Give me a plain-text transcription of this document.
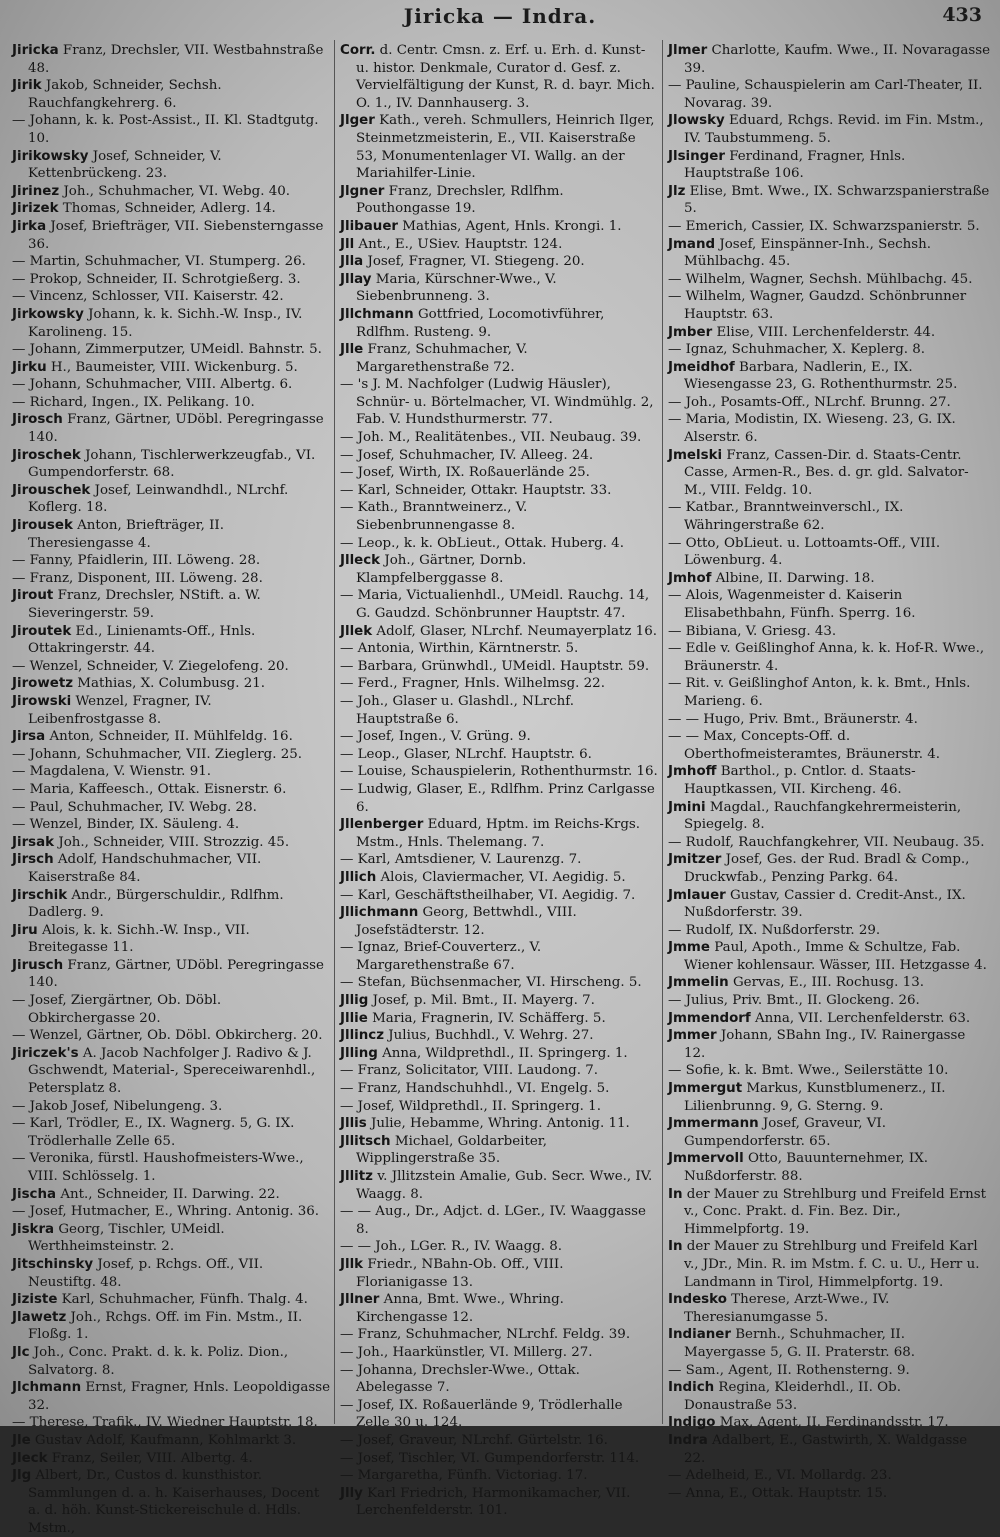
Jiricka — Indra.	433

Jiricka Franz, Drechsler, VII. Westbahnstraße 48.

Jirik Jakob, Schneider, Sechsh. Rauchfangkehrerg. 6.

— Johann, k. k. Post-Assist., II. Kl. Stadtgutg. 10.

Jirikowsky Josef, Schneider, V. Kettenbrückeng. 23.

Jirinez Joh., Schuhmacher, VI. Webg. 40.

Jirizek Thomas, Schneider, Adlerg. 14.

Jirka Josef, Briefträger, VII. Siebensterngasse 36.

— Martin, Schuhmacher, VI. Stumperg. 26.

— Prokop, Schneider, II. Schrotgießerg. 3.

— Vincenz, Schlosser, VII. Kaiserstr. 42.

Jirkowsky Johann, k. k. Sichh.-W. Insp., IV. Karolineng. 15.

— Johann, Zimmerputzer, UMeidl. Bahnstr. 5.

Jirku H., Baumeister, VIII. Wickenburg. 5.

— Johann, Schuhmacher, VIII. Albertg. 6.

— Richard, Ingen., IX. Pelikang. 10.

Jirosch Franz, Gärtner, UDöbl. Peregringasse 140.

Jiroschek Johann, Tischlerwerkzeugfab., VI. Gumpendorferstr. 68.

Jirouschek Josef, Leinwandhdl., NLrchf. Koflerg. 18.

Jirousek Anton, Briefträger, II. Theresiengasse 4.

— Fanny, Pfaidlerin, III. Löweng. 28.

— Franz, Disponent, III. Löweng. 28.

Jirout Franz, Drechsler, NStift. a. W. Sieveringerstr. 59.

Jiroutek Ed., Linienamts-Off., Hnls. Ottakringerstr. 44.

— Wenzel, Schneider, V. Ziegelofeng. 20.

Jirowetz Mathias, X. Columbusg. 21.

Jirowski Wenzel, Fragner, IV. Leibenfrostgasse 8.

Jirsa Anton, Schneider, II. Mühlfeldg. 16.

— Johann, Schuhmacher, VII. Zieglerg. 25.

— Magdalena, V. Wienstr. 91.

— Maria, Kaffeesch., Ottak. Eisnerstr. 6.

— Paul, Schuhmacher, IV. Webg. 28.

— Wenzel, Binder, IX. Säuleng. 4.

Jirsak Joh., Schneider, VIII. Strozzig. 45.

Jirsch Adolf, Handschuhmacher, VII. Kaiserstraße 84.

Jirschik Andr., Bürgerschuldir., Rdlfhm. Dadlerg. 9.

Jiru Alois, k. k. Sichh.-W. Insp., VII. Breitegasse 11.

Jirusch Franz, Gärtner, UDöbl. Peregringasse 140.

— Josef, Ziergärtner, Ob. Döbl. Obkirchergasse 20.

— Wenzel, Gärtner, Ob. Döbl. Obkircherg. 20.

Jiriczek's A. Jacob Nachfolger J. Radivo & J. Gschwendt, Material-, Spereceiwarenhdl., Petersplatz 8.

— Jakob Josef, Nibelungeng. 3.

— Karl, Trödler, E., IX. Wagnerg. 5, G. IX. Trödlerhalle Zelle 65.

— Veronika, fürstl. Haushofmeisters-Wwe., VIII. Schlösselg. 1.

Jischa Ant., Schneider, II. Darwing. 22.

— Josef, Hutmacher, E., Whring. Antonig. 36.

Jiskra Georg, Tischler, UMeidl. Werthheimsteinstr. 2.

Jitschinsky Josef, p. Rchgs. Off., VII. Neustiftg. 48.

Jiziste Karl, Schuhmacher, Fünfh. Thalg. 4.

Jlawetz Joh., Rchgs. Off. im Fin. Mstm., II. Floßg. 1.

Jlc Joh., Conc. Prakt. d. k. k. Poliz. Dion., Salvatorg. 8.

Jlchmann Ernst, Fragner, Hnls. Leopoldigasse 32.

— Therese, Trafik., IV. Wiedner Hauptstr. 18.

Jle Gustav Adolf, Kaufmann, Kohlmarkt 3.

Jleck Franz, Seiler, VIII. Albertg. 4.

Jlg Albert, Dr., Custos d. kunsthistor. Sammlungen d. a. h. Kaiserhauses, Docent a. d. höh. Kunst-Stickereischule d. Hdls. Mstm.,

Corr. d. Centr. Cmsn. z. Erf. u. Erh. d. Kunst- u. histor. Denkmale, Curator d. Gesf. z. Vervielfältigung der Kunst, R. d. bayr. Mich. O. 1., IV. Dannhauserg. 3.

Jlger Kath., vereh. Schmullers, Heinrich Ilger, Steinmetzmeisterin, E., VII. Kaiserstraße 53, Monumentenlager VI. Wallg. an der Mariahilfer-Linie.

Jlgner Franz, Drechsler, Rdlfhm. Pouthongasse 19.

Jlibauer Mathias, Agent, Hnls. Krongi. 1.

Jll Ant., E., USiev. Hauptstr. 124.

Jlla Josef, Fragner, VI. Stiegeng. 20.

Jllay Maria, Kürschner-Wwe., V. Siebenbrunneng. 3.

Jllchmann Gottfried, Locomotivführer, Rdlfhm. Rusteng. 9.

Jlle Franz, Schuhmacher, V. Margarethenstraße 72.

— 's J. M. Nachfolger (Ludwig Häusler), Schnür- u. Börtelmacher, VI. Windmühlg. 2, Fab. V. Hundsthurmerstr. 77.

— Joh. M., Realitätenbes., VII. Neubaug. 39.

— Josef, Schuhmacher, IV. Alleeg. 24.

— Josef, Wirth, IX. Roßauerlände 25.

— Karl, Schneider, Ottakr. Hauptstr. 33.

— Kath., Branntweinerz., V. Siebenbrunnengasse 8.

— Leop., k. k. ObLieut., Ottak. Huberg. 4.

Jlleck Joh., Gärtner, Dornb. Klampfelberggasse 8.

— Maria, Victualienhdl., UMeidl. Rauchg. 14, G. Gaudzd. Schönbrunner Hauptstr. 47.

Jllek Adolf, Glaser, NLrchf. Neumayerplatz 16.

— Antonia, Wirthin, Kärntnerstr. 5.

— Barbara, Grünwhdl., UMeidl. Hauptstr. 59.

— Ferd., Fragner, Hnls. Wilhelmsg. 22.

— Joh., Glaser u. Glashdl., NLrchf. Hauptstraße 6.

— Josef, Ingen., V. Grüng. 9.

— Leop., Glaser, NLrchf. Hauptstr. 6.

— Louise, Schauspielerin, Rothenthurmstr. 16.

— Ludwig, Glaser, E., Rdlfhm. Prinz Carlgasse 6.

Jllenberger Eduard, Hptm. im Reichs-Krgs. Mstm., Hnls. Thelemang. 7.

— Karl, Amtsdiener, V. Laurenzg. 7.

Jllich Alois, Claviermacher, VI. Aegidig. 5.

— Karl, Geschäftstheilhaber, VI. Aegidig. 7.

Jllichmann Georg, Bettwhdl., VIII. Josefstädterstr. 12.

— Ignaz, Brief-Couverterz., V. Margarethenstraße 67.

— Stefan, Büchsenmacher, VI. Hirscheng. 5.

Jllig Josef, p. Mil. Bmt., II. Mayerg. 7.

Jllie Maria, Fragnerin, IV. Schäfferg. 5.

Jllincz Julius, Buchhdl., V. Wehrg. 27.

Jlling Anna, Wildprethdl., II. Springerg. 1.

— Franz, Solicitator, VIII. Laudong. 7.

— Franz, Handschuhhdl., VI. Engelg. 5.

— Josef, Wildprethdl., II. Springerg. 1.

Jllis Julie, Hebamme, Whring. Antonig. 11.

Jllitsch Michael, Goldarbeiter, Wipplingerstraße 35.

Jllitz v. Jllitzstein Amalie, Gub. Secr. Wwe., IV. Waagg. 8.

— — Aug., Dr., Adjct. d. LGer., IV. Waaggasse 8.

— — Joh., LGer. R., IV. Waagg. 8.

Jllk Friedr., NBahn-Ob. Off., VIII. Florianigasse 13.

Jllner Anna, Bmt. Wwe., Whring. Kirchengasse 12.

— Franz, Schuhmacher, NLrchf. Feldg. 39.

— Joh., Haarkünstler, VI. Millerg. 27.

— Johanna, Drechsler-Wwe., Ottak. Abelegasse 7.

— Josef, IX. Roßauerlände 9, Trödlerhalle Zelle 30 u. 124.

— Josef, Graveur, NLrchf. Gürtelstr. 16.

— Josef, Tischler, VI. Gumpendorferstr. 114.

— Margaretha, Fünfh. Victoriag. 17.

Jlly Karl Friedrich, Harmonikamacher, VII. Lerchenfelderstr. 101.

Jlmer Charlotte, Kaufm. Wwe., II. Novaragasse 39.

— Pauline, Schauspielerin am Carl-Theater, II. Novarag. 39.

Jlowsky Eduard, Rchgs. Revid. im Fin. Mstm., IV. Taubstummeng. 5.

Jlsinger Ferdinand, Fragner, Hnls. Hauptstraße 106.

Jlz Elise, Bmt. Wwe., IX. Schwarzspanierstraße 5.

— Emerich, Cassier, IX. Schwarzspanierstr. 5.

Jmand Josef, Einspänner-Inh., Sechsh. Mühlbachg. 45.

— Wilhelm, Wagner, Sechsh. Mühlbachg. 45.

— Wilhelm, Wagner, Gaudzd. Schönbrunner Hauptstr. 63.

Jmber Elise, VIII. Lerchenfelderstr. 44.

— Ignaz, Schuhmacher, X. Keplerg. 8.

Jmeidhof Barbara, Nadlerin, E., IX. Wiesengasse 23, G. Rothenthurmstr. 25.

— Joh., Posamts-Off., NLrchf. Brunng. 27.

— Maria, Modistin, IX. Wieseng. 23, G. IX. Alserstr. 6.

Jmelski Franz, Cassen-Dir. d. Staats-Centr. Casse, Armen-R., Bes. d. gr. gld. Salvator-M., VIII. Feldg. 10.

— Katbar., Branntweinverschl., IX. Währingerstraße 62.

— Otto, ObLieut. u. Lottoamts-Off., VIII. Löwenburg. 4.

Jmhof Albine, II. Darwing. 18.

— Alois, Wagenmeister d. Kaiserin Elisabethbahn, Fünfh. Sperrg. 16.

— Bibiana, V. Griesg. 43.

— Edle v. Geißlinghof Anna, k. k. Hof-R. Wwe., Bräunerstr. 4.

— Rit. v. Geißlinghof Anton, k. k. Bmt., Hnls. Marieng. 6.

— — Hugo, Priv. Bmt., Bräunerstr. 4.

— — Max, Concepts-Off. d. Oberthofmeisteramtes, Bräunerstr. 4.

Jmhoff Barthol., p. Cntlor. d. Staats-Hauptkassen, VII. Kircheng. 46.

Jmini Magdal., Rauchfangkehrermeisterin, Spiegelg. 8.

— Rudolf, Rauchfangkehrer, VII. Neubaug. 35.

Jmitzer Josef, Ges. der Rud. Bradl & Comp., Druckwfab., Penzing Parkg. 64.

Jmlauer Gustav, Cassier d. Credit-Anst., IX. Nußdorferstr. 39.

— Rudolf, IX. Nußdorferstr. 29.

Jmme Paul, Apoth., Imme & Schultze, Fab. Wiener kohlensaur. Wässer, III. Hetzgasse 4.

Jmmelin Gervas, E., III. Rochusg. 13.

— Julius, Priv. Bmt., II. Glockeng. 26.

Jmmendorf Anna, VII. Lerchenfelderstr. 63.

Jmmer Johann, SBahn Ing., IV. Rainergasse 12.

— Sofie, k. k. Bmt. Wwe., Seilerstätte 10.

Jmmergut Markus, Kunstblumenerz., II. Lilienbrunng. 9, G. Sterng. 9.

Jmmermann Josef, Graveur, VI. Gumpendorferstr. 65.

Jmmervoll Otto, Bauunternehmer, IX. Nußdorferstr. 88.

In der Mauer zu Strehlburg und Freifeld Ernst v., Conc. Prakt. d. Fin. Bez. Dir., Himmelpfortg. 19.

In der Mauer zu Strehlburg und Freifeld Karl v., JDr., Min. R. im Mstm. f. C. u. U., Herr u. Landmann in Tirol, Himmelpfortg. 19.

Indesko Therese, Arzt-Wwe., IV. Theresianumgasse 5.

Indianer Bernh., Schuhmacher, II. Mayergasse 5, G. II. Praterstr. 68.

— Sam., Agent, II. Rothensterng. 9.

Indich Regina, Kleiderhdl., II. Ob. Donaustraße 53.

Indigo Max, Agent, II. Ferdinandsstr. 17.

Indra Adalbert, E., Gastwirth, X. Waldgasse 22.

— Adelheid, E., VI. Mollardg. 23.

— Anna, E., Ottak. Hauptstr. 15.
